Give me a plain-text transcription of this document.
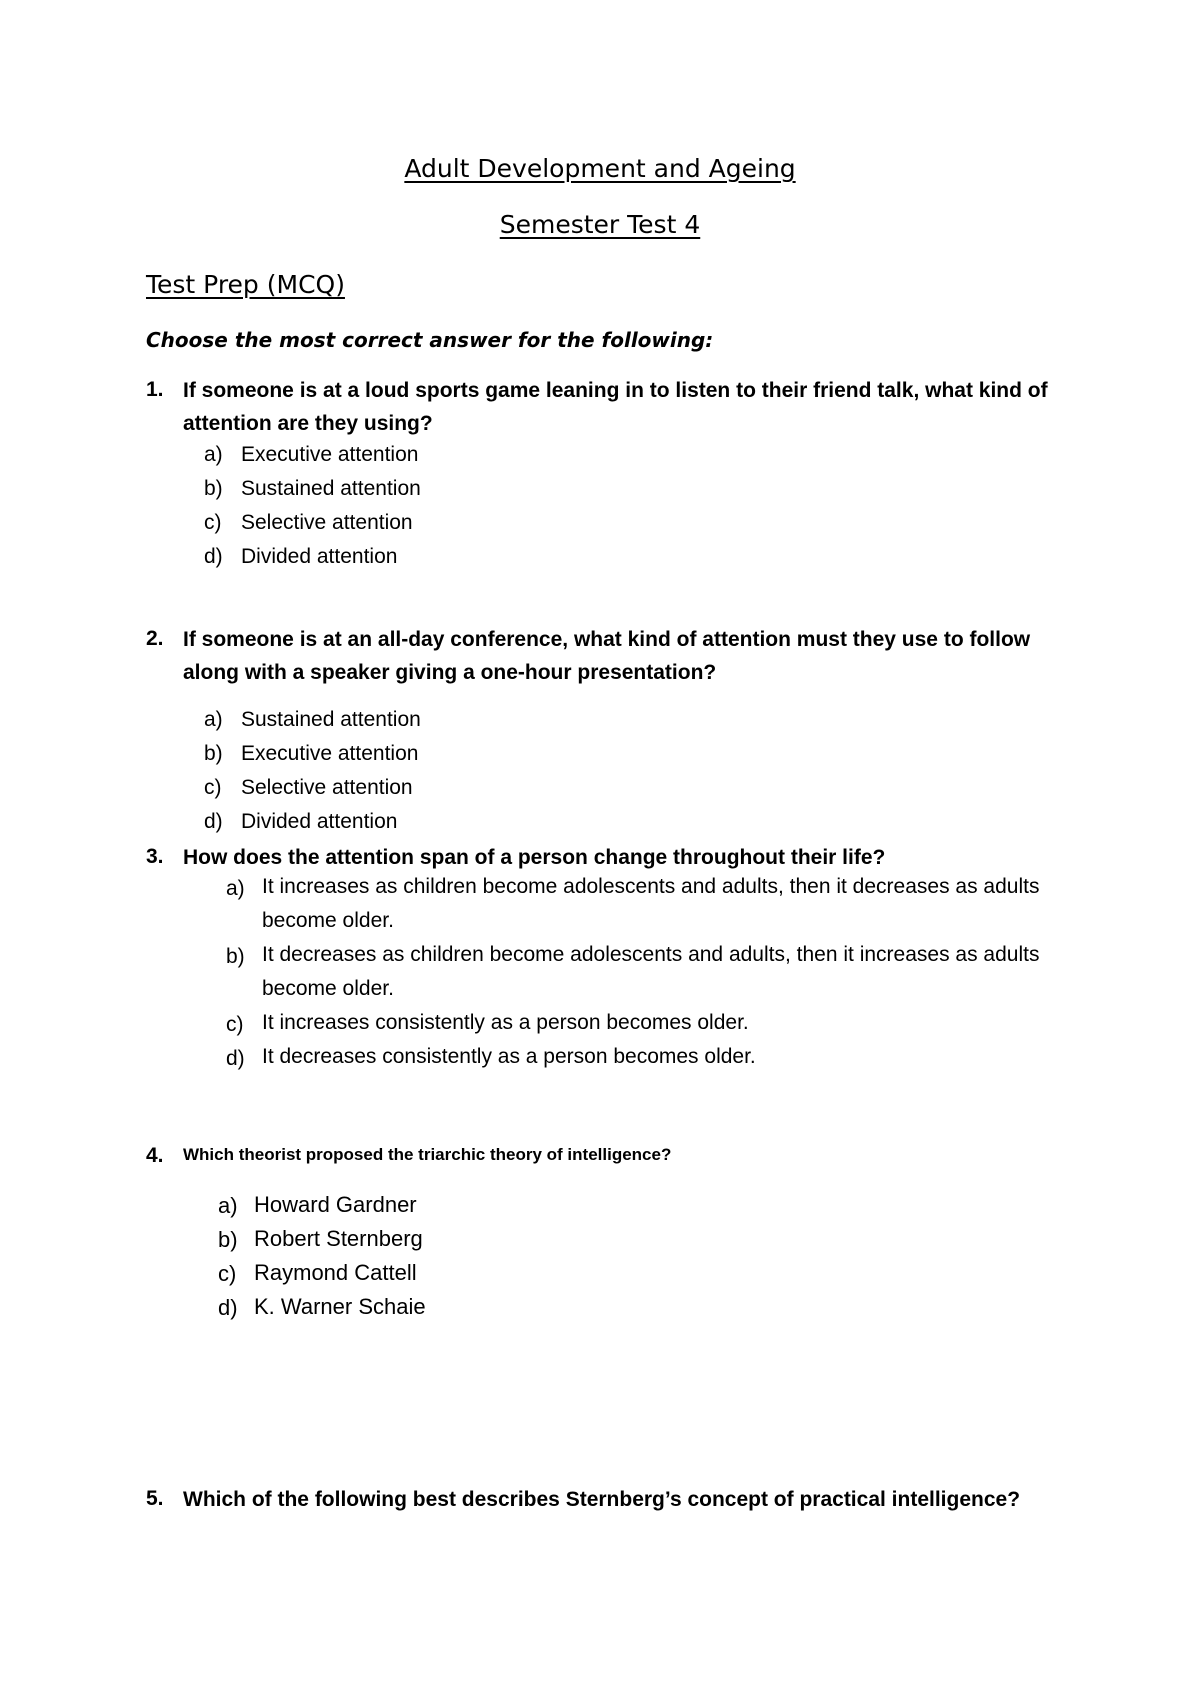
Adult Development and Ageing
Semester Test 4
Test Prep (MCQ)
Choose the most correct answer for the following:
1. If someone is at a loud sports game leaning in to listen to their friend talk, what kind of attention are they using?
a) Executive attention
b) Sustained attention
c) Selective attention
d) Divided attention
2. If someone is at an all-day conference, what kind of attention must they use to follow along with a speaker giving a one-hour presentation?
a) Sustained attention
b) Executive attention
c) Selective attention
d) Divided attention
3. How does the attention span of a person change throughout their life?
a) It increases as children become adolescents and adults, then it decreases as adults become older.
b) It decreases as children become adolescents and adults, then it increases as adults become older.
c) It increases consistently as a person becomes older.
d) It decreases consistently as a person becomes older.
4. Which theorist proposed the triarchic theory of intelligence?
a) Howard Gardner
b) Robert Sternberg
c) Raymond Cattell
d) K. Warner Schaie
5. Which of the following best describes Sternberg’s concept of practical intelligence?
